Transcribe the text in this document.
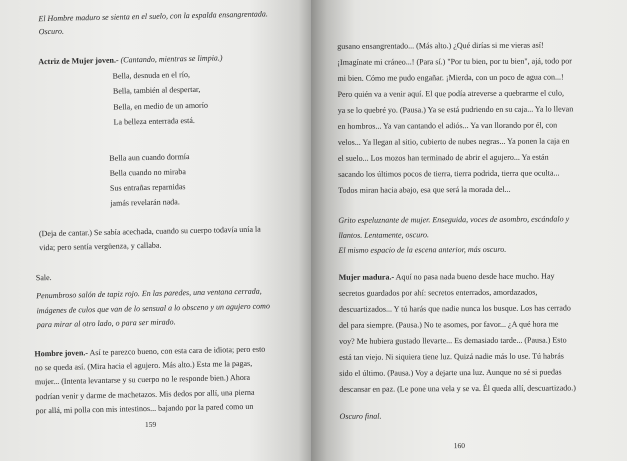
El Hombre maduro se sienta en el suelo, con la espalda ensangrentada.
Oscuro.
Actriz de Mujer joven.- (Cantando, mientras se limpia.)
Bella, desnuda en el río,
Bella, también al despertar,
Bella, en medio de un amorío
La belleza enterrada está.
Bella aun cuando dormía
Bella cuando no miraba
Sus entrañas reparnidas
jamás revelarán nada.
(Deja de cantar.) Se sabía acechada, cuando su cuerpo todavía unía la
vida; pero sentía vergüenza, y callaba.
Sale.
Penumbroso salón de tapiz rojo. En las paredes, una ventana cerrada,
imágenes de culos que van de lo sensual a lo obsceno y un agujero como
para mirar al otro lado, o para ser mirado.
Hombre joven.- Así te parezco bueno, con esta cara de idiota; pero esto
no se queda así. (Mira hacia el agujero. Más alto.) Esta me la pagas,
mujer... (Intenta levantarse y su cuerpo no le responde bien.) Ahora
podrían venir y darme de machetazos. Mis dedos por allí, una pierna
por allá, mi polla con mis intestinos... bajando por la pared como un
159
gusano ensangrentado... (Más alto.) ¿Qué dirías si me vieras así!
¡Imagínate mi cráneo...! (Para sí.) "Por tu bien, por tu bien", ajá, todo por
mi bien. Cómo me pudo engañar. ¡Mierda, con un poco de agua con...!
Pero quién va a venir aquí. El que podía atreverse a quebrarme el culo,
ya se lo quebré yo. (Pausa.) Ya se está pudriendo en su caja... Ya lo llevan
en hombros... Ya van cantando el adiós... Ya van llorando por él, con
velos... Ya llegan al sitio, cubierto de nubes negras... Ya ponen la caja en
el suelo... Los mozos han terminado de abrir el agujero... Ya están
sacando los últimos pocos de tierra, tierra podrida, tierra que oculta...
Todos miran hacia abajo, esa que será la morada del...
Grito espeluznante de mujer. Enseguida, voces de asombro, escándalo y
llantos. Lentamente, oscuro.
El mismo espacio de la escena anterior, más oscuro.
Mujer madura.- Aquí no pasa nada bueno desde hace mucho. Hay
secretos guardados por ahí: secretos enterrados, amordazados,
descuartizados... Y tú harás que nadie nunca los busque. Los has cerrado
del para siempre. (Pausa.) No te asomes, por favor... ¿A qué hora me
voy? Me hubiera gustado llevarte... Es demasiado tarde... (Pausa.) Esto
está tan viejo. Ni siquiera tiene luz. Quizá nadie más lo use. Tú habrás
sido el último. (Pausa.) Voy a dejarte una luz. Aunque no sé si puedas
descansar en paz. (Le pone una vela y se va. Él queda allí, descuartizado.)
Oscuro final.
160
